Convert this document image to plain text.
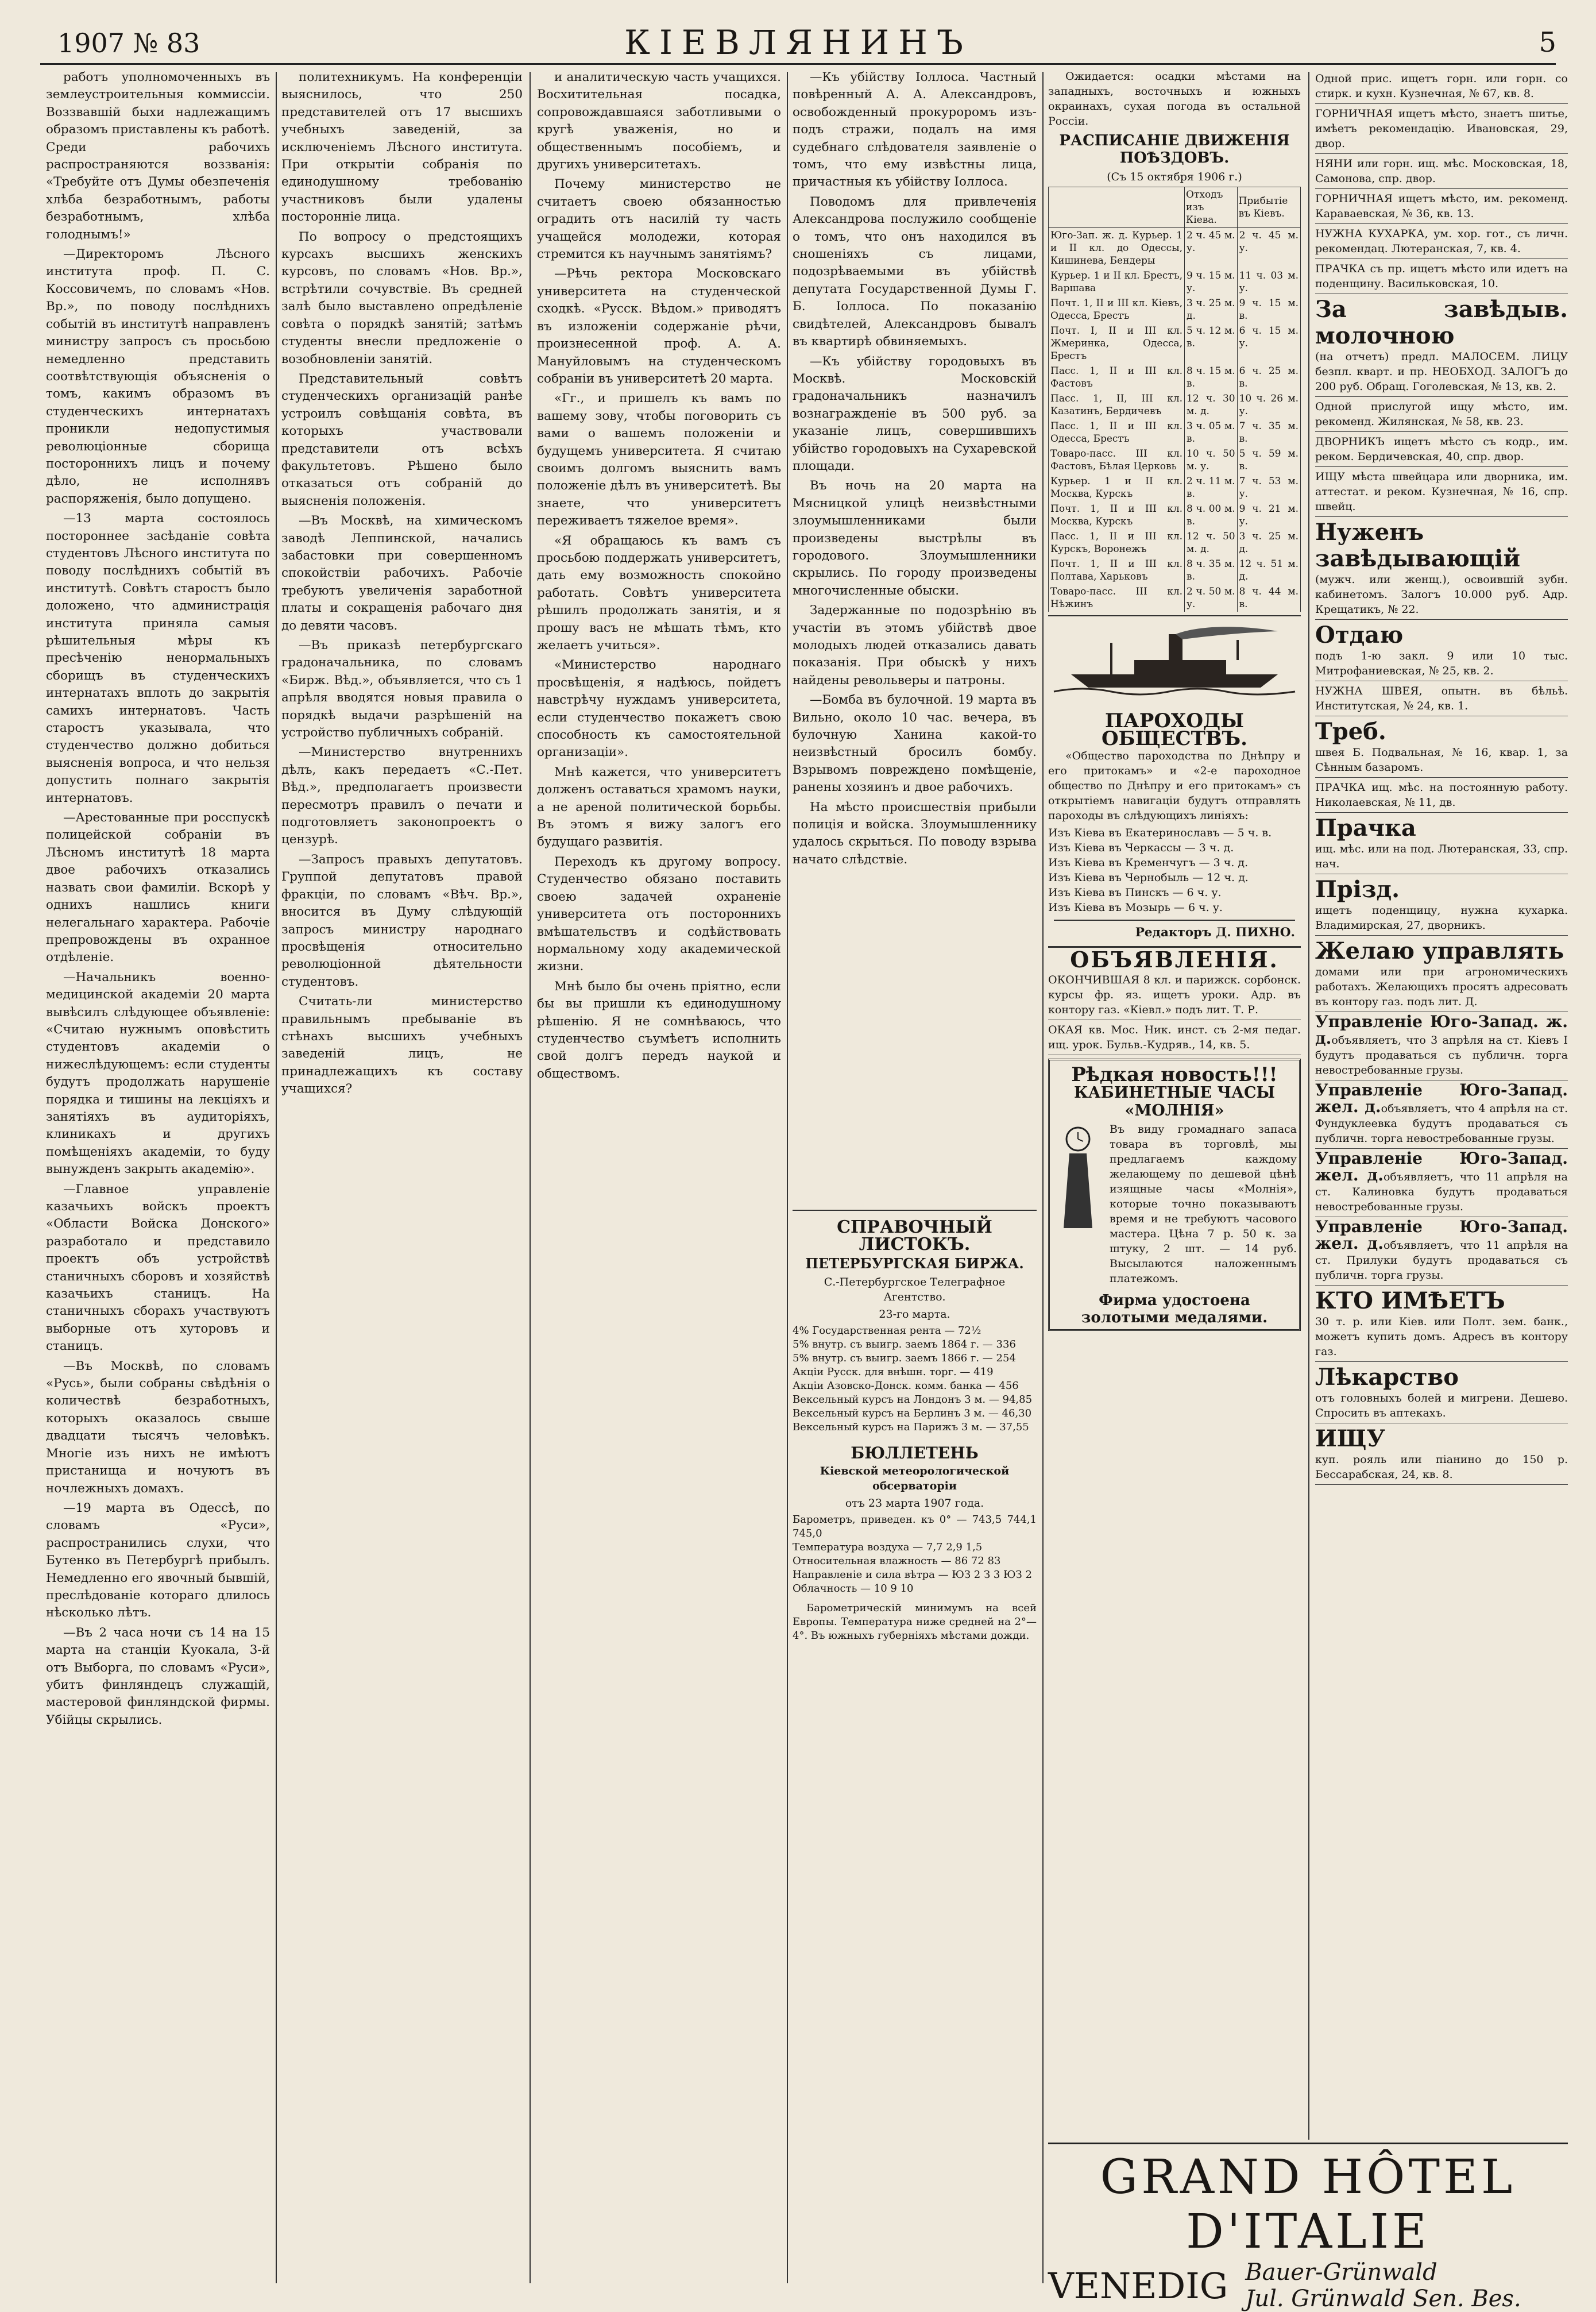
1907 № 83	КІЕВЛЯНИНЪ	5

работъ уполномоченныхъ въ землеустроительныя коммиссіи. Воззвавшій быхи надлежащимъ образомъ приставлены къ работѣ. Среди рабочихъ распространяются воззванія: «Требуйте отъ Думы обезпеченія хлѣба безработнымъ, работы безработнымъ, хлѣба голоднымъ!»

—Директоромъ Лѣсного института проф. П. С. Коссовичемъ, по словамъ «Нов. Вр.», по поводу послѣднихъ событій въ институтѣ направленъ министру запросъ съ просьбою немедленно представить соотвѣтствующія объясненія о томъ, какимъ образомъ въ студенческихъ интернатахъ проникли недопустимыя революціонные сборища постороннихъ лицъ и почему дѣло, не исполнявъ распоряженія, было допущено.

—13 марта состоялось постороннее засѣданіе совѣта студентовъ Лѣсного института по поводу послѣднихъ событій въ институтѣ. Совѣтъ старостъ было доложено, что администрація института приняла самыя рѣшительныя мѣры къ пресѣченію ненормальныхъ сборищъ въ студенческихъ интернатахъ вплоть до закрытія самихъ интернатовъ. Часть старостъ указывала, что студенчество должно добиться выясненія вопроса, и что нельзя допустить полнаго закрытія интернатовъ.

—Арестованные при росспускѣ полицейской собраніи въ Лѣсномъ институтѣ 18 марта двое рабочихъ отказались назвать свои фамиліи. Вскорѣ у однихъ нашлись книги нелегальнаго характера. Рабочіе препровождены въ охранное отдѣленіе.

—Начальникъ военно-медицинской академіи 20 марта вывѣсилъ слѣдующее объявленіе: «Считаю нужнымъ оповѣстить студентовъ академіи о нижеслѣдующемъ: если студенты будутъ продолжать нарушеніе порядка и тишины на лекціяхъ и занятіяхъ въ аудиторіяхъ, клиникахъ и другихъ помѣщеніяхъ академіи, то буду вынужденъ закрыть академію».

—Главное управленіе казачьихъ войскъ проектъ «Области Войска Донского» разработало и представило проектъ объ устройствѣ станичныхъ сборовъ и хозяйствѣ казачьихъ станицъ. На станичныхъ сборахъ участвуютъ выборные отъ хуторовъ и станицъ.

—Въ Москвѣ, по словамъ «Русь», были собраны свѣдѣнія о количествѣ безработныхъ, которыхъ оказалось свыше двадцати тысячъ человѣкъ. Многіе изъ нихъ не имѣютъ пристанища и ночуютъ въ ночлежныхъ домахъ.

—19 марта въ Одессѣ, по словамъ «Руси», распространились слухи, что Бутенко въ Петербургѣ прибылъ. Немедленно его явочный бывшій, преслѣдованіе котораго длилось нѣсколько лѣтъ.

—Въ 2 часа ночи съ 14 на 15 марта на станціи Куокала, 3-й отъ Выборга, по словамъ «Руси», убитъ финляндецъ служащій, мастеровой финляндской фирмы. Убійцы скрылись.

политехникумъ. На конференціи выяснилось, что 250 представителей отъ 17 высшихъ учебныхъ заведеній, за исключеніемъ Лѣсного института. При открытіи собранія по единодушному требованію участниковъ были удалены посторонніе лица.

По вопросу о предстоящихъ курсахъ высшихъ женскихъ курсовъ, по словамъ «Нов. Вр.», встрѣтили сочувствіе. Въ средней залѣ было выставлено опредѣленіе совѣта о порядкѣ занятій; затѣмъ студенты внесли предложеніе о возобновленіи занятій.

Представительный совѣтъ студенческихъ организацій ранѣе устроилъ совѣщанія совѣта, въ которыхъ участвовали представители отъ всѣхъ факультетовъ. Рѣшено было отказаться отъ собраній до выясненія положенія.

—Въ Москвѣ, на химическомъ заводѣ Леппинской, начались забастовки при совершенномъ спокойствіи рабочихъ. Рабочіе требуютъ увеличенія заработной платы и сокращенія рабочаго дня до девяти часовъ.

—Въ приказѣ петербургскаго градоначальника, по словамъ «Бирж. Вѣд.», объявляется, что съ 1 апрѣля вводятся новыя правила о порядкѣ выдачи разрѣшеній на устройство публичныхъ собраній.

—Министерство внутреннихъ дѣлъ, какъ передаетъ «С.-Пет. Вѣд.», предполагаетъ произвести пересмотръ правилъ о печати и подготовляетъ законопроектъ о цензурѣ.

—Запросъ правыхъ депутатовъ. Группой депутатовъ правой фракціи, по словамъ «Вѣч. Вр.», вносится въ Думу слѣдующій запросъ министру народнаго просвѣщенія относительно революціонной дѣятельности студентовъ.

Считать-ли министерство правильнымъ пребываніе въ стѣнахъ высшихъ учебныхъ заведеній лицъ, не принадлежащихъ къ составу учащихся?

и аналитическую часть учащихся. Восхитительная посадка, сопровождавшаяся заботливыми о кругѣ уваженія, но и общественнымъ пособіемъ, и другихъ университетахъ.

Почему министерство не считаетъ своею обязанностью оградить отъ насилій ту часть учащейся молодежи, которая стремится къ научнымъ занятіямъ?

—Рѣчь ректора Московскаго университета на студенческой сходкѣ. «Русск. Вѣдом.» приводятъ въ изложеніи содержаніе рѣчи, произнесенной проф. А. А. Мануйловымъ на студенческомъ собраніи въ университетѣ 20 марта.

«Гг., и пришелъ къ вамъ по вашему зову, чтобы поговорить съ вами о вашемъ положеніи и будущемъ университета. Я считаю своимъ долгомъ выяснить вамъ положеніе дѣлъ въ университетѣ. Вы знаете, что университетъ переживаетъ тяжелое время».

«Я обращаюсь къ вамъ съ просьбою поддержать университетъ, дать ему возможность спокойно работать. Совѣтъ университета рѣшилъ продолжать занятія, и я прошу васъ не мѣшать тѣмъ, кто желаетъ учиться».

«Министерство народнаго просвѣщенія, я надѣюсь, пойдетъ навстрѣчу нуждамъ университета, если студенчество покажетъ свою способность къ самостоятельной организаціи».

Мнѣ кажется, что университетъ долженъ оставаться храмомъ науки, а не ареной политической борьбы. Въ этомъ я вижу залогъ его будущаго развитія.

Переходъ къ другому вопросу. Студенчество обязано поставить своею задачей охраненіе университета отъ постороннихъ вмѣшательствъ и содѣйствовать нормальному ходу академической жизни.

Мнѣ было бы очень пріятно, если бы вы пришли къ единодушному рѣшенію. Я не сомнѣваюсь, что студенчество съумѣетъ исполнить свой долгъ передъ наукой и обществомъ.

—Къ убійству Іоллоса. Частный повѣренный А. А. Александровъ, освобожденный прокуроромъ изъ-подъ стражи, подалъ на имя судебнаго слѣдователя заявленіе о томъ, что ему извѣстны лица, причастныя къ убійству Іоллоса.

Поводомъ для привлеченія Александрова послужило сообщеніе о томъ, что онъ находился въ сношеніяхъ съ лицами, подозрѣваемыми въ убійствѣ депутата Государственной Думы Г. Б. Іоллоса. По показанію свидѣтелей, Александровъ бывалъ въ квартирѣ обвиняемыхъ.

—Къ убійству городовыхъ въ Москвѣ. Московскій градоначальникъ назначилъ вознагражденіе въ 500 руб. за указаніе лицъ, совершившихъ убійство городовыхъ на Сухаревской площади.

Въ ночь на 20 марта на Мясницкой улицѣ неизвѣстными злоумышленниками были произведены выстрѣлы въ городового. Злоумышленники скрылись. По городу произведены многочисленные обыски.

Задержанные по подозрѣнію въ участіи въ этомъ убійствѣ двое молодыхъ людей отказались давать показанія. При обыскѣ у нихъ найдены револьверы и патроны.

—Бомба въ булочной. 19 марта въ Вильно, около 10 час. вечера, въ булочную Ханина какой-то неизвѣстный бросилъ бомбу. Взрывомъ повреждено помѣщеніе, ранены хозяинъ и двое рабочихъ.

На мѣсто происшествія прибыли полиція и войска. Злоумышленнику удалось скрыться. По поводу взрыва начато слѣдствіе.

СПРАВОЧНЫЙ ЛИСТОКЪ.
ПЕТЕРБУРГСКАЯ БИРЖА.
С.-Петербургское Телеграфное Агентство.
23-го марта.
4% Государственная рента — 72½
5% внутр. съ выигр. заемъ 1864 г. — 336
5% внутр. съ выигр. заемъ 1866 г. — 254
Акціи Русск. для внѣшн. торг. — 419
Акціи Азовско-Донск. комм. банка — 456
Вексельный курсъ на Лондонъ 3 м. — 94,85
Вексельный курсъ на Берлинъ 3 м. — 46,30
Вексельный курсъ на Парижъ 3 м. — 37,55
БЮЛЛЕТЕНЬ
Кіевской метеорологической обсерваторіи
отъ 23 марта 1907 года.
Барометръ, приведен. къ 0° — 743,5 744,1 745,0
Температура воздуха — 7,7 2,9 1,5
Относительная влажность — 86 72 83
Направленіе и сила вѣтра — ЮЗ 2 З 3 ЮЗ 2
Облачность — 10 9 10

Барометрическій минимумъ на всей Европы. Температура ниже средней на 2°—4°. Въ южныхъ губерніяхъ мѣстами дожди.

Ожидается: осадки мѣстами на западныхъ, восточныхъ и южныхъ окраинахъ, сухая погода въ остальной Россіи.

РАСПИСАНІЕ ДВИЖЕНІЯ ПОѢЗДОВЪ.
(Съ 15 октября 1906 г.)
	Отходъ изъ Кіева.	Прибытіе въ Кіевъ.
Юго-Зап. ж. д. Курьер. 1 и II кл. до Одессы, Кишинева, Бендеры	2 ч. 45 м. у.	2 ч. 45 м. у.
Курьер. 1 и II кл. Брестъ, Варшава	9 ч. 15 м. у.	11 ч. 03 м. у.
Почт. 1, II и III кл. Кіевъ, Одесса, Брестъ	3 ч. 25 м. д.	9 ч. 15 м. в.
Почт. I, II и III кл. Жмеринка, Одесса, Брестъ	5 ч. 12 м. в.	6 ч. 15 м. у.
Пасс. 1, II и III кл. Фастовъ	8 ч. 15 м. в.	6 ч. 25 м. в.
Пасс. 1, II, III кл. Казатинъ, Бердичевъ	12 ч. 30 м. д.	10 ч. 26 м. у.
Пасс. 1, II и III кл. Одесса, Брестъ	3 ч. 05 м. в.	7 ч. 35 м. в.
Товаро-пасс. III кл. Фастовъ, Бѣлая Церковь	10 ч. 50 м. у.	5 ч. 59 м. в.
Курьер. 1 и II кл. Москва, Курскъ	2 ч. 11 м. в.	7 ч. 53 м. у.
Почт. 1, II и III кл. Москва, Курскъ	8 ч. 00 м. в.	9 ч. 21 м. у.
Пасс. 1, II и III кл. Курскъ, Воронежъ	12 ч. 50 м. д.	3 ч. 25 м. д.
Почт. 1, II и III кл. Полтава, Харьковъ	8 ч. 35 м. в.	12 ч. 51 м. д.
Товаро-пасс. III кл. Нѣжинъ	2 ч. 50 м. у.	8 ч. 44 м. в.
ПАРОХОДЫ ОБЩЕСТВЪ.

«Общество пароходства по Днѣпру и его притокамъ» и «2-е пароходное общество по Днѣпру и его притокамъ» съ открытіемъ навигаціи будутъ отправлять пароходы въ слѣдующихъ линіяхъ:

Изъ Кіева въ Екатеринославъ — 5 ч. в.
Изъ Кіева въ Черкассы — 3 ч. д.
Изъ Кіева въ Кременчугъ — 3 ч. д.
Изъ Кіева въ Чернобыль — 12 ч. д.
Изъ Кіева въ Пинскъ — 6 ч. у.
Изъ Кіева въ Мозырь — 6 ч. у.
Редакторъ Д. ПИХНО.
ОБЪЯВЛЕНІЯ.
ОКОНЧИВШАЯ 8 кл. и парижск. сорбонск. курсы фр. яз. ищетъ уроки. Адр. въ контору газ. «Кіевл.» подъ лит. Т. Р.
ОКАЯ кв. Мос. Ник. инст. съ 2-мя педаг. ищ. урок. Бульв.-Кудряв., 14, кв. 5.
Рѣдкая новость!!!
КАБИНЕТНЫЕ ЧАСЫ «МОЛНІЯ»

Въ виду громаднаго запаса товара въ торговлѣ, мы предлагаемъ каждому желающему по дешевой цѣнѣ изящные часы «Молнія», которые точно показываютъ время и не требуютъ часового мастера. Цѣна 7 р. 50 к. за штуку, 2 шт. — 14 руб. Высылаются наложеннымъ платежомъ.

Фирма удостоена золотыми медалями.
Одной прис. ищетъ горн. или горн. со стирк. и кухн. Кузнечная, № 67, кв. 8.
ГОРНИЧНАЯ ищетъ мѣсто, знаетъ шитье, имѣетъ рекомендацію. Ивановская, 29, двор.
НЯНИ или горн. ищ. мѣс. Московская, 18, Самонова, спр. двор.
ГОРНИЧНАЯ ищетъ мѣсто, им. рекоменд. Караваевская, № 36, кв. 13.
НУЖНА КУХАРКА, ум. хор. гот., съ личн. рекомендац. Лютеранская, 7, кв. 4.
ПРАЧКА съ пр. ищетъ мѣсто или идетъ на поденщину. Васильковская, 10.
За завѣдыв. молочною
(на отчетъ) предл. МАЛОСЕМ. ЛИЦУ безпл. кварт. и пр. НЕОБХОД. ЗАЛОГЪ до 200 руб. Обращ. Гоголевская, № 13, кв. 2.
Одной прислугой ищу мѣсто, им. рекоменд. Жилянская, № 58, кв. 23.
ДВОРНИКЪ ищетъ мѣсто съ кодр., им. реком. Бердичевская, 40, спр. двор.
ИЩУ мѣста швейцара или дворника, им. аттестат. и реком. Кузнечная, № 16, спр. швейц.
Нуженъ завѣдывающій
(мужч. или женщ.), освоившій зубн. кабинетомъ. Залогъ 10.000 руб. Адр. Крещатикъ, № 22.
Отдаю
подъ 1-ю закл. 9 или 10 тыс. Митрофаниевская, № 25, кв. 2.
НУЖНА ШВЕЯ, опытн. въ бѣльѣ. Институтская, № 24, кв. 1.
Треб.
швея Б. Подвальная, № 16, квар. 1, за Сѣнным базаромъ.
ПРАЧКА ищ. мѣс. на постоянную работу. Николаевская, № 11, дв.
Прачка
ищ. мѣс. или на под. Лютеранская, 33, спр. нач.
Прізд.
ищетъ поденщицу, нужна кухарка. Владимирская, 27, дворникъ.
Желаю управлять
домами или при агрономическихъ работахъ. Желающихъ просятъ адресовать въ контору газ. подъ лит. Д.
Управленіе Юго-Запад. ж. д.объявляетъ, что 3 апрѣля на ст. Кіевъ I будутъ продаваться съ публичн. торга невостребованные грузы.
Управленіе Юго-Запад. жел. д.объявляетъ, что 4 апрѣля на ст. Фундуклеевка будутъ продаваться съ публичн. торга невостребованные грузы.
Управленіе Юго-Запад. жел. д.объявляетъ, что 11 апрѣля на ст. Калиновка будутъ продаваться невостребованные грузы.
Управленіе Юго-Запад. жел. д.объявляетъ, что 11 апрѣля на ст. Прилуки будутъ продаваться съ публичн. торга грузы.
КТО ИМѢЕТЪ
30 т. р. или Кіев. или Полт. зем. банк., можетъ купить домъ. Адресъ въ контору газ.
Лѣкарство
отъ головныхъ болей и мигрени. Дешево. Спросить въ аптекахъ.
ИЩУ
куп. рояль или піанино до 150 р. Бессарабская, 24, кв. 8.
GRAND HÔTEL D'ITALIE
VENEDIG Bauer-Grünwald
Jul. Grünwald Sen. Bes.
